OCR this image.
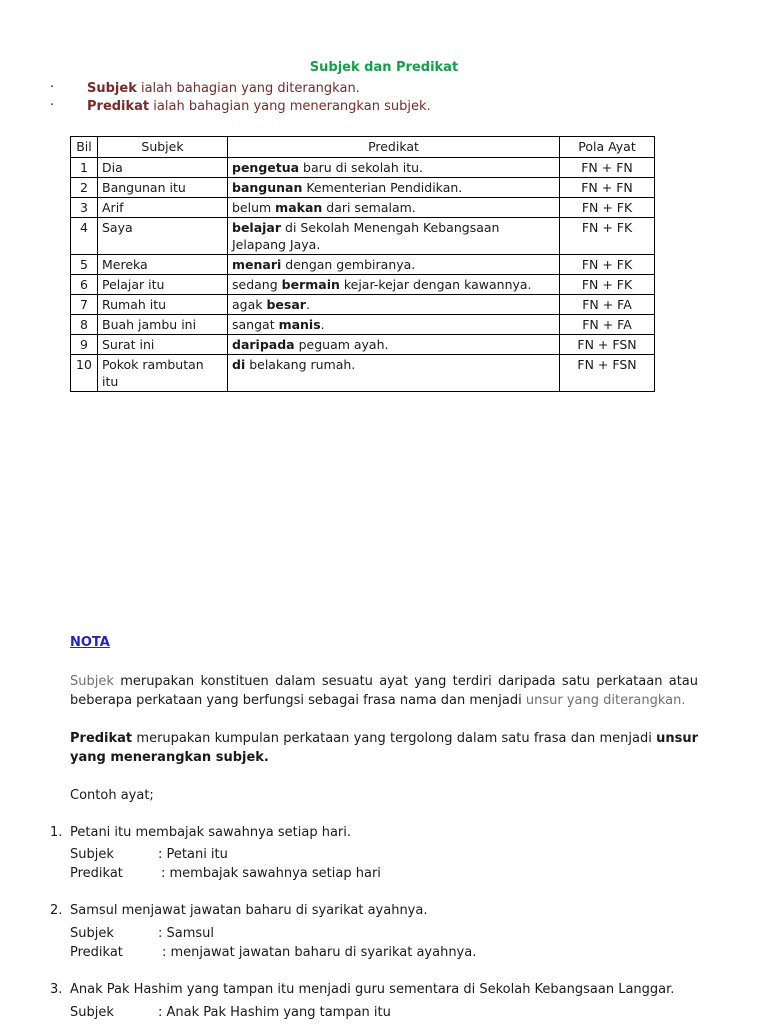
Subjek dan Predikat
·	Subjek ialah bahagian yang diterangkan.
·	Predikat ialah bahagian yang menerangkan subjek.
Bil	Subjek	Predikat	Pola Ayat
1	Dia	pengetua baru di sekolah itu.	FN + FN
2	Bangunan itu	bangunan Kementerian Pendidikan.	FN + FN
3	Arif	belum makan dari semalam.	FN + FK
4	Saya	belajar di Sekolah Menengah Kebangsaan Jelapang Jaya.	FN + FK
5	Mereka	menari dengan gembiranya.	FN + FK
6	Pelajar itu	sedang bermain kejar-kejar dengan kawannya.	FN + FK
7	Rumah itu	agak besar.	FN + FA
8	Buah jambu ini	sangat manis.	FN + FA
9	Surat ini	daripada peguam ayah.	FN + FSN
10	Pokok rambutan itu	di belakang rumah.	FN + FSN
NOTA
Subjek merupakan konstituen dalam sesuatu ayat yang terdiri daripada satu perkataan atau beberapa perkataan yang berfungsi sebagai frasa nama dan menjadi unsur yang diterangkan.
Predikat merupakan kumpulan perkataan yang tergolong dalam satu frasa dan menjadi unsur yang menerangkan subjek.
Contoh ayat;
1. Petani itu membajak sawahnya setiap hari.
Subjek	: Petani itu
Predikat	: membajak sawahnya setiap hari
2. Samsul menjawat jawatan baharu di syarikat ayahnya.
Subjek	: Samsul
Predikat	: menjawat jawatan baharu di syarikat ayahnya.
3. Anak Pak Hashim yang tampan itu menjadi guru sementara di Sekolah Kebangsaan Langgar.
Subjek	: Anak Pak Hashim yang tampan itu
